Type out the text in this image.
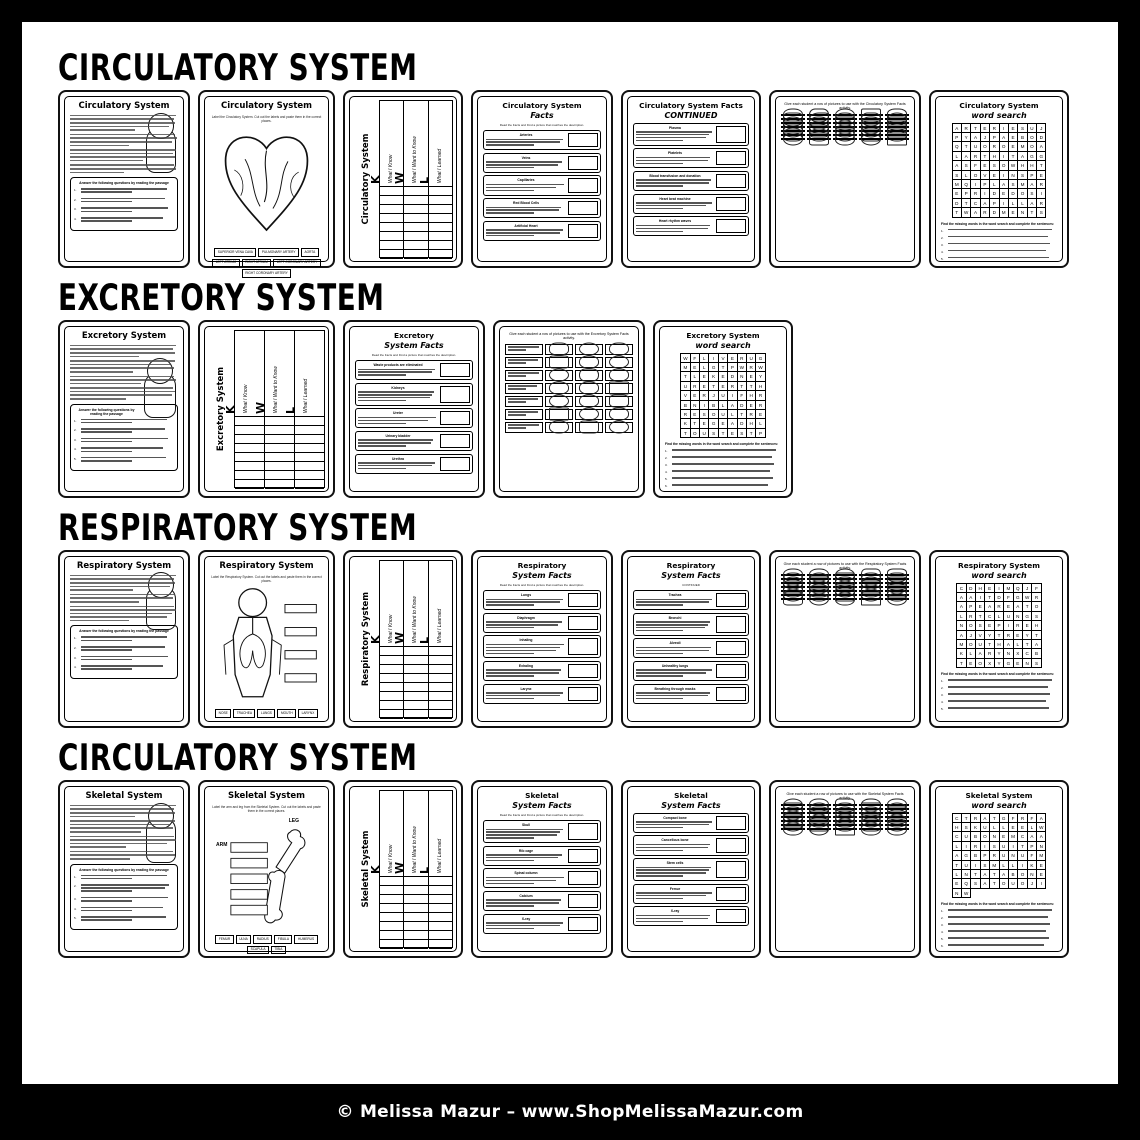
CIRCULATORY SYSTEM
Circulatory System
Answer the following questions by reading the passage
1.
2.
3.
4.
Circulatory System
Label the Circulatory System. Cut out the labels and paste them in the correct places.
SUPERIOR VENA CAVA	PULMONARY ARTERY	AORTA
LEFT ATRIUM	RIGHT ATRIUM	LEFT CORONARY ARTERY
RIGHT CORONARY ARTERY
Circulatory System
K What I Know W What I Want to Know L What I Learned
Circulatory System
Facts
Read the Facts and Find a picture that matches the description.
Arteries
Veins
Capillaries
Red Blood Cells
Artificial Heart
Circulatory System Facts
CONTINUED
Plasma
Platelets
Blood transfusion and donation
Heart beat machine
Heart rhythm waves
Give each student a row of pictures to use with the Circulatory System Facts activity.	Circulatory System
word search
A	R	T	E	R	I	E	S	U	J
P	Y	A	J	P	A	E	B	O	D
Q	T	U	O	R	O	E	M	O	A
L	A	R	T	H	I	T	A	G	G
A	S	F	E	S	O	W	H	H	T
S	L	O	V	E	I	N	S	P	E
M	Q	I	P	L	A	S	M	A	R
E	P	R	I	D	E	D	O	S	I
D	T	C	A	P	I	L	L	A	R
T	W	A	R	D	M	E	N	T	S
Find the missing words in the word search and complete the sentences:
1.
2.
3.
4.
5.
EXCRETORY SYSTEM
Excretory System
Answer the following questions by reading the passage
1.
2.
3.
4.
5.
Excretory System
K What I Know W What I Want to Know L What I Learned
Excretory
System Facts
Read the Facts and Find a picture that matches the description.
Waste products are eliminated
Kidneys
Ureter
Urinary bladder
Urethra
Give each student a row of pictures to use with the Excretory System Facts activity.	Excretory System
word search
W	F	L	I	V	E	R	U	G
M	E	L	G	T	P	W	R	W
T	L	E	K	E	D	N	E	Y
U	R	E	T	E	R	T	T	H
V	E	R	J	U	I	F	H	R
B	N	I	B	L	A	D	E	R
R	E	S	O	U	L	T	R	E
K	T	E	G	E	A	D	H	L
T	O	U	S	T	E	S	T	P
Find the missing words in the word search and complete the sentences:
1.
2.
3.
4.
5.
6.
RESPIRATORY SYSTEM
Respiratory System
Answer the following questions by reading the passage
1.
2.
3.
4.
Respiratory System
Label the Respiratory System. Cut out the labels and paste them in the correct places.
NOSE	TRACHEA	LUNGS	MOUTH	LARYNX
Respiratory System
K What I Know W What I Want to Know L What I Learned
Respiratory
System Facts
Read the Facts and Find a picture that matches the description.
Lungs
Diaphragm
Inhaling
Exhaling
Larynx
Respiratory
System Facts
CONTINUED
Trachea
Bronchi
Alveoli
Unhealthy lungs
Breathing through masks
Give each student a row of pictures to use with the Respiratory System Facts activity.	Respiratory System
word search
C	D	H	E	I	M	Q	J	F
A	A	I	T	D	F	G	W	R
A	P	E	A	R	E	A	T	O
L	R	T	C	L	U	N	G	S
N	O	S	E	P	I	R	E	H
A	J	V	Y	T	R	E	Y	T
M	O	U	T	H	A	L	T	A
K	L	A	R	Y	N	X	C	B
T	E	O	X	Y	G	E	N	S
Find the missing words in the word search and complete the sentences:
1.
2.
3.
4.
5.
CIRCULATORY SYSTEM
Skeletal System
Answer the following questions by reading the passage
1.
2.
3.
4.
5.
Skeletal System
Label the arm and leg from the Skeletal System. Cut out the labels and paste them in the correct places.
ARM
LEG
FEMUR	ULNA	RADIUS	FIBULA	HUMERUS
SCAPULA	TIBIA
Skeletal System
K What I Know W What I Want to Know L What I Learned
Skeletal
System Facts
Read the Facts and Find a picture that matches the description.
Skull
Rib cage
Spinal column
Calcium
X-ray
Skeletal
System Facts
Compact bone
Cancellous bone
Stem cells
Femur
X-ray
Give each student a row of pictures to use with the Skeletal System Facts activity.	Skeletal System
word search
C	T	R	A	T	G	F	R	F	A
H	S	K	U	L	L	E	E	L	W
C	U	B	O	N	E	M	C	A	A
L	I	R	I	S	U	I	T	P	N
A	G	B	P	R	U	N	U	F	M
T	U	I	S	M	L	L	I	K	E
L	N	T	A	T	A	B	O	N	E
E	Q	S	A	T	O	U	O	J	I
N	W
Find the missing words in the word search and complete the sentences:
1.
2.
3.
4.
5.
6.
© Melissa Mazur – www.ShopMelissaMazur.com
